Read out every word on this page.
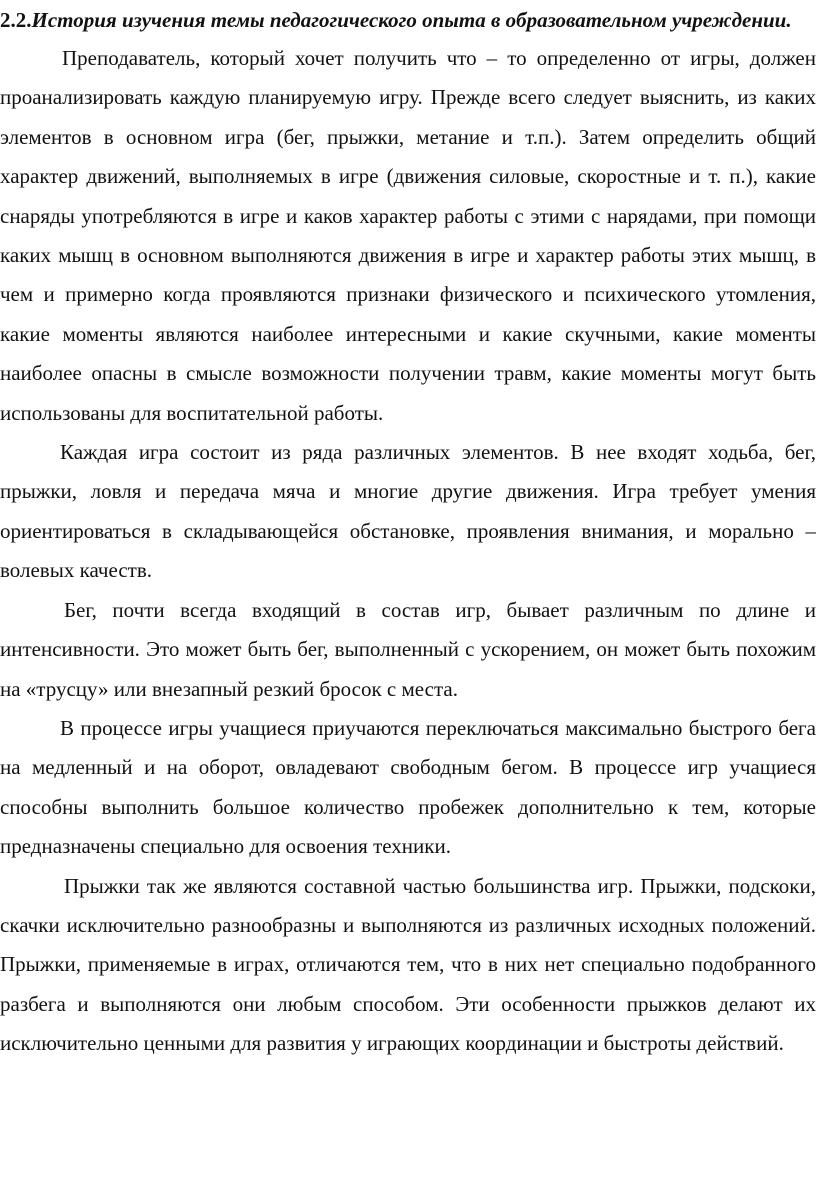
2.2.История изучения темы педагогического опыта в образовательном учреждении.

Преподаватель, который хочет получить что – то определенно от игры, должен проанализировать каждую планируемую игру. Прежде всего следует выяснить, из каких элементов в основном игра (бег, прыжки, метание и т.п.). Затем определить общий характер движений, выполняемых в игре (движения силовые, скоростные и т. п.), какие снаряды употребляются в игре и каков характер работы с этими с нарядами, при помощи каких мышц в основном выполняются движения в игре и характер работы этих мышц, в чем и примерно когда проявляются признаки физического и психического утомления, какие моменты являются наиболее интересными и какие скучными, какие моменты наиболее опасны в смысле возможности получении травм, какие моменты могут быть использованы для воспитательной работы.

Каждая игра состоит из ряда различных элементов. В нее входят ходьба, бег, прыжки, ловля и передача мяча и многие другие движения. Игра требует умения ориентироваться в складывающейся обстановке, проявления внимания, и морально – волевых качеств.

Бег, почти всегда входящий в состав игр, бывает различным по длине и интенсивности. Это может быть бег, выполненный с ускорением, он может быть похожим на «трусцу» или внезапный резкий бросок с места.

В процессе игры учащиеся приучаются переключаться максимально быстрого бега на медленный и на оборот, овладевают свободным бегом. В процессе игр учащиеся способны выполнить большое количество пробежек дополнительно к тем, которые предназначены специально для освоения техники.

Прыжки так же являются составной частью большинства игр. Прыжки, подскоки, скачки исключительно разнообразны и выполняются из различных исходных положений. Прыжки, применяемые в играх, отличаются тем, что в них нет специально подобранного разбега и выполняются они любым способом. Эти особенности прыжков делают их исключительно ценными для развития у играющих координации и быстроты действий.
